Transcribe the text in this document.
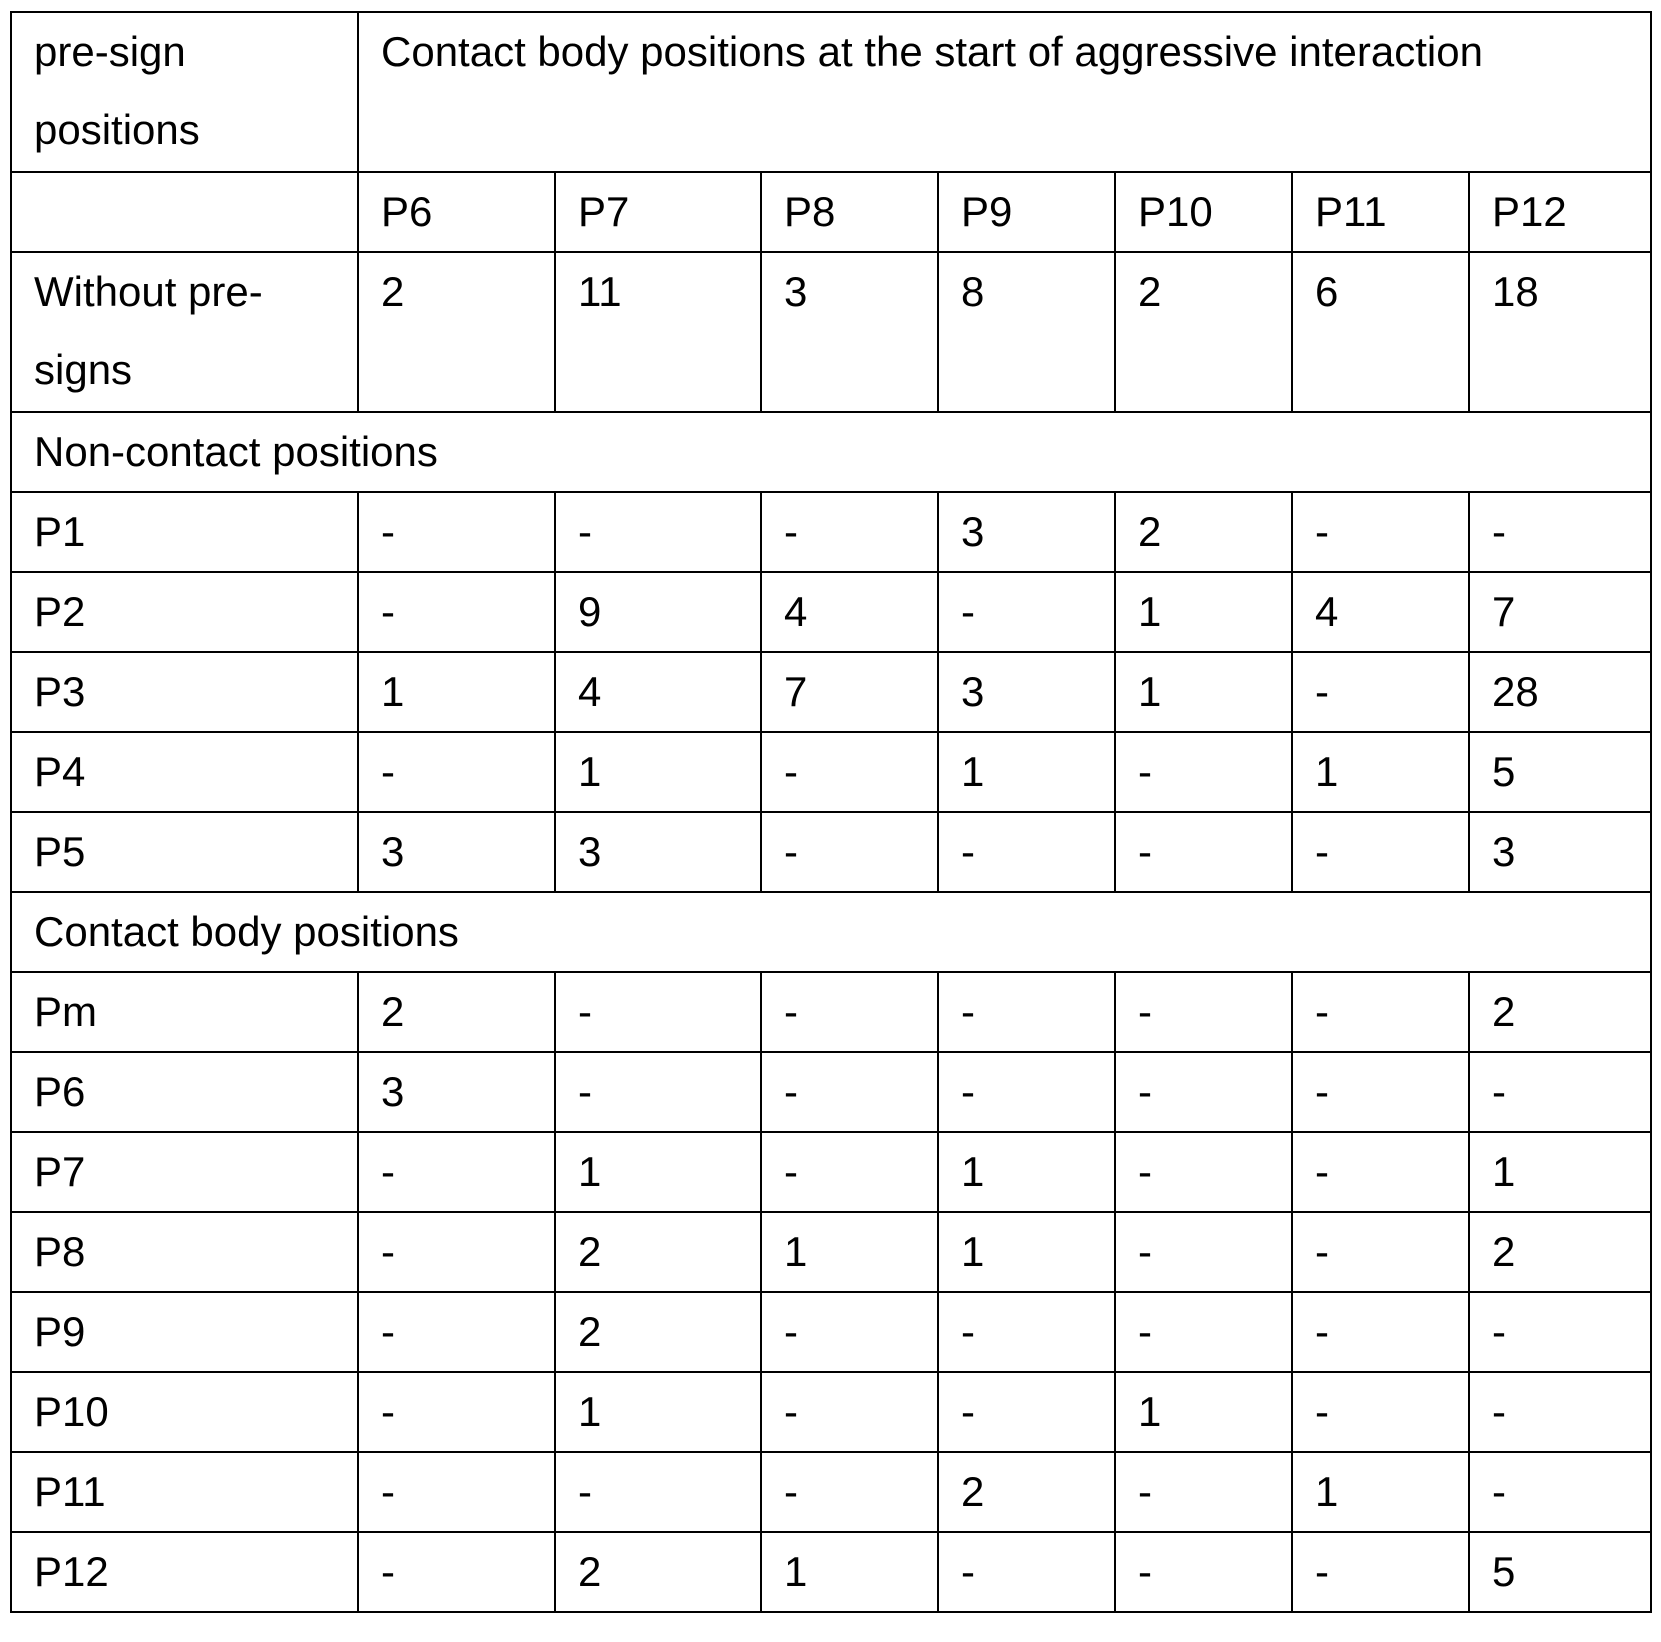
pre-sign positions	Contact body positions at the start of aggressive interaction						
	P6	P7	P8	P9	P10	P11	P12
Without pre-signs	2	11	3	8	2	6	18
Non-contact positions							
P1	-	-	-	3	2	-	-
P2	-	9	4	-	1	4	7
P3	1	4	7	3	1	-	28
P4	-	1	-	1	-	1	5
P5	3	3	-	-	-	-	3
Contact body positions							
Pm	2	-	-	-	-	-	2
P6	3	-	-	-	-	-	-
P7	-	1	-	1	-	-	1
P8	-	2	1	1	-	-	2
P9	-	2	-	-	-	-	-
P10	-	1	-	-	1	-	-
P11	-	-	-	2	-	1	-
P12	-	2	1	-	-	-	5
